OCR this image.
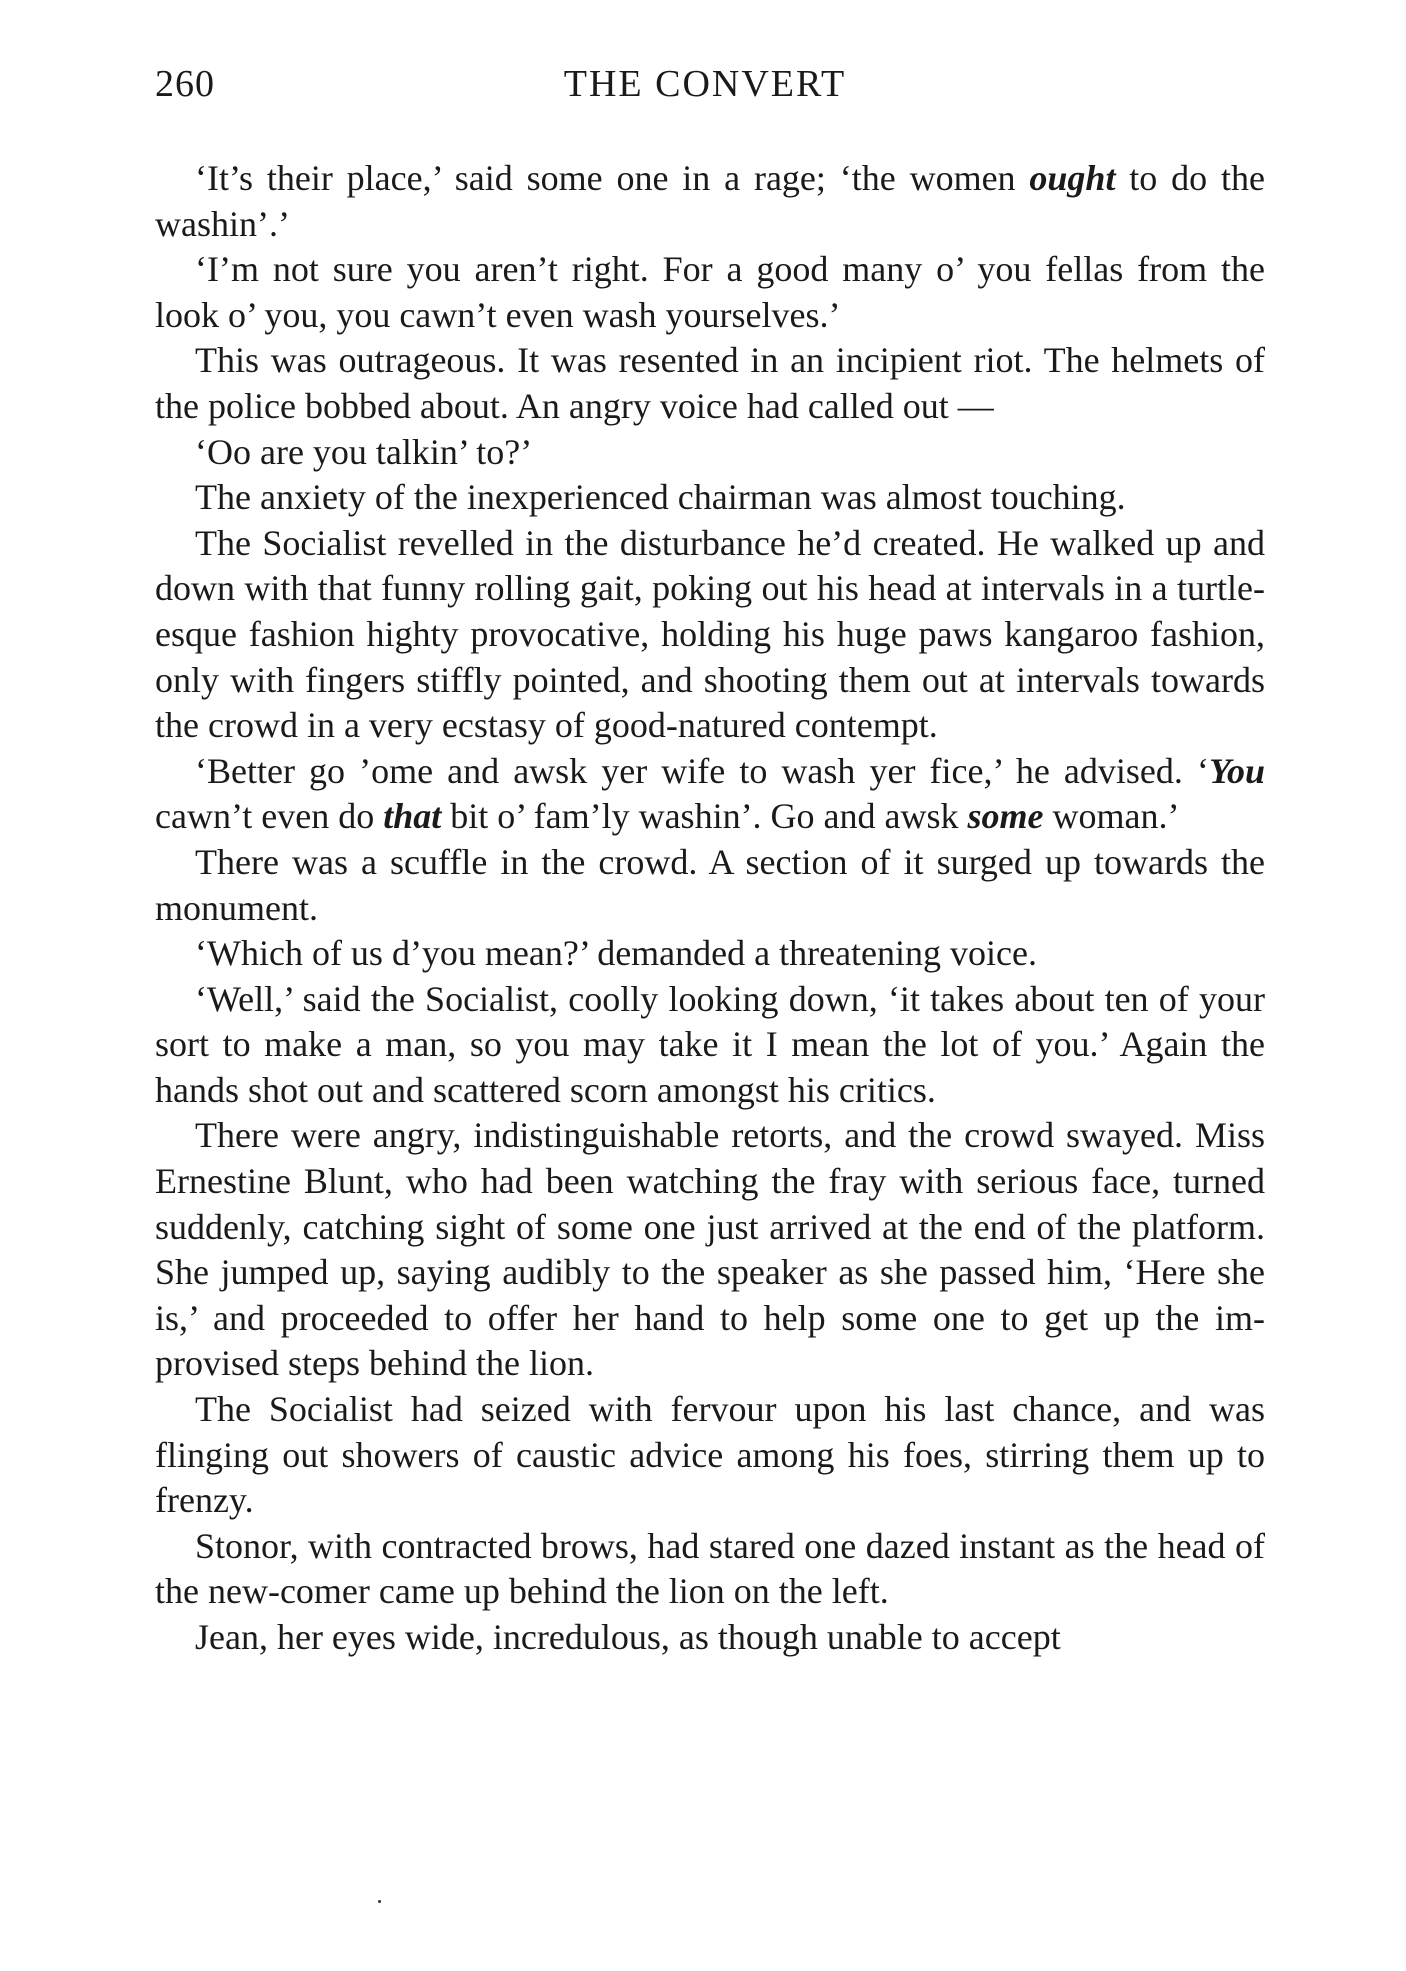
260	THE CONVERT

‘It’s their place,’ said some one in a rage; ‘the women ought to do the washin’.’

‘I’m not sure you aren’t right. For a good many o’ you fellas from the look o’ you, you cawn’t even wash yourselves.’

This was outrageous. It was resented in an incipient riot. The helmets of the police bobbed about. An angry voice had called out —

‘Oo are you talkin’ to?’

The anxiety of the inexperienced chairman was almost touching.

The Socialist revelled in the disturbance he’d created. He walked up and down with that funny rolling gait, poking out his head at intervals in a turtle-esque fashion highty provocative, holding his huge paws kangaroo fashion, only with fingers stiffly pointed, and shooting them out at intervals towards the crowd in a very ecstasy of good-natured contempt.

‘Better go ’ome and awsk yer wife to wash yer fice,’ he advised. ‘You cawn’t even do that bit o’ fam’ly washin’. Go and awsk some woman.’

There was a scuffle in the crowd. A section of it surged up towards the monument.

‘Which of us d’you mean?’ demanded a threatening voice.

‘Well,’ said the Socialist, coolly looking down, ‘it takes about ten of your sort to make a man, so you may take it I mean the lot of you.’ Again the hands shot out and scattered scorn amongst his critics.

There were angry, indistinguishable retorts, and the crowd swayed. Miss Ernestine Blunt, who had been watching the fray with serious face, turned suddenly, catching sight of some one just arrived at the end of the platform. She jumped up, saying audibly to the speaker as she passed him, ‘Here she is,’ and proceeded to offer her hand to help some one to get up the improvised steps behind the lion.

The Socialist had seized with fervour upon his last chance, and was flinging out showers of caustic advice among his foes, stirring them up to frenzy.

Stonor, with contracted brows, had stared one dazed instant as the head of the new-comer came up behind the lion on the left.

Jean, her eyes wide, incredulous, as though unable to accept
